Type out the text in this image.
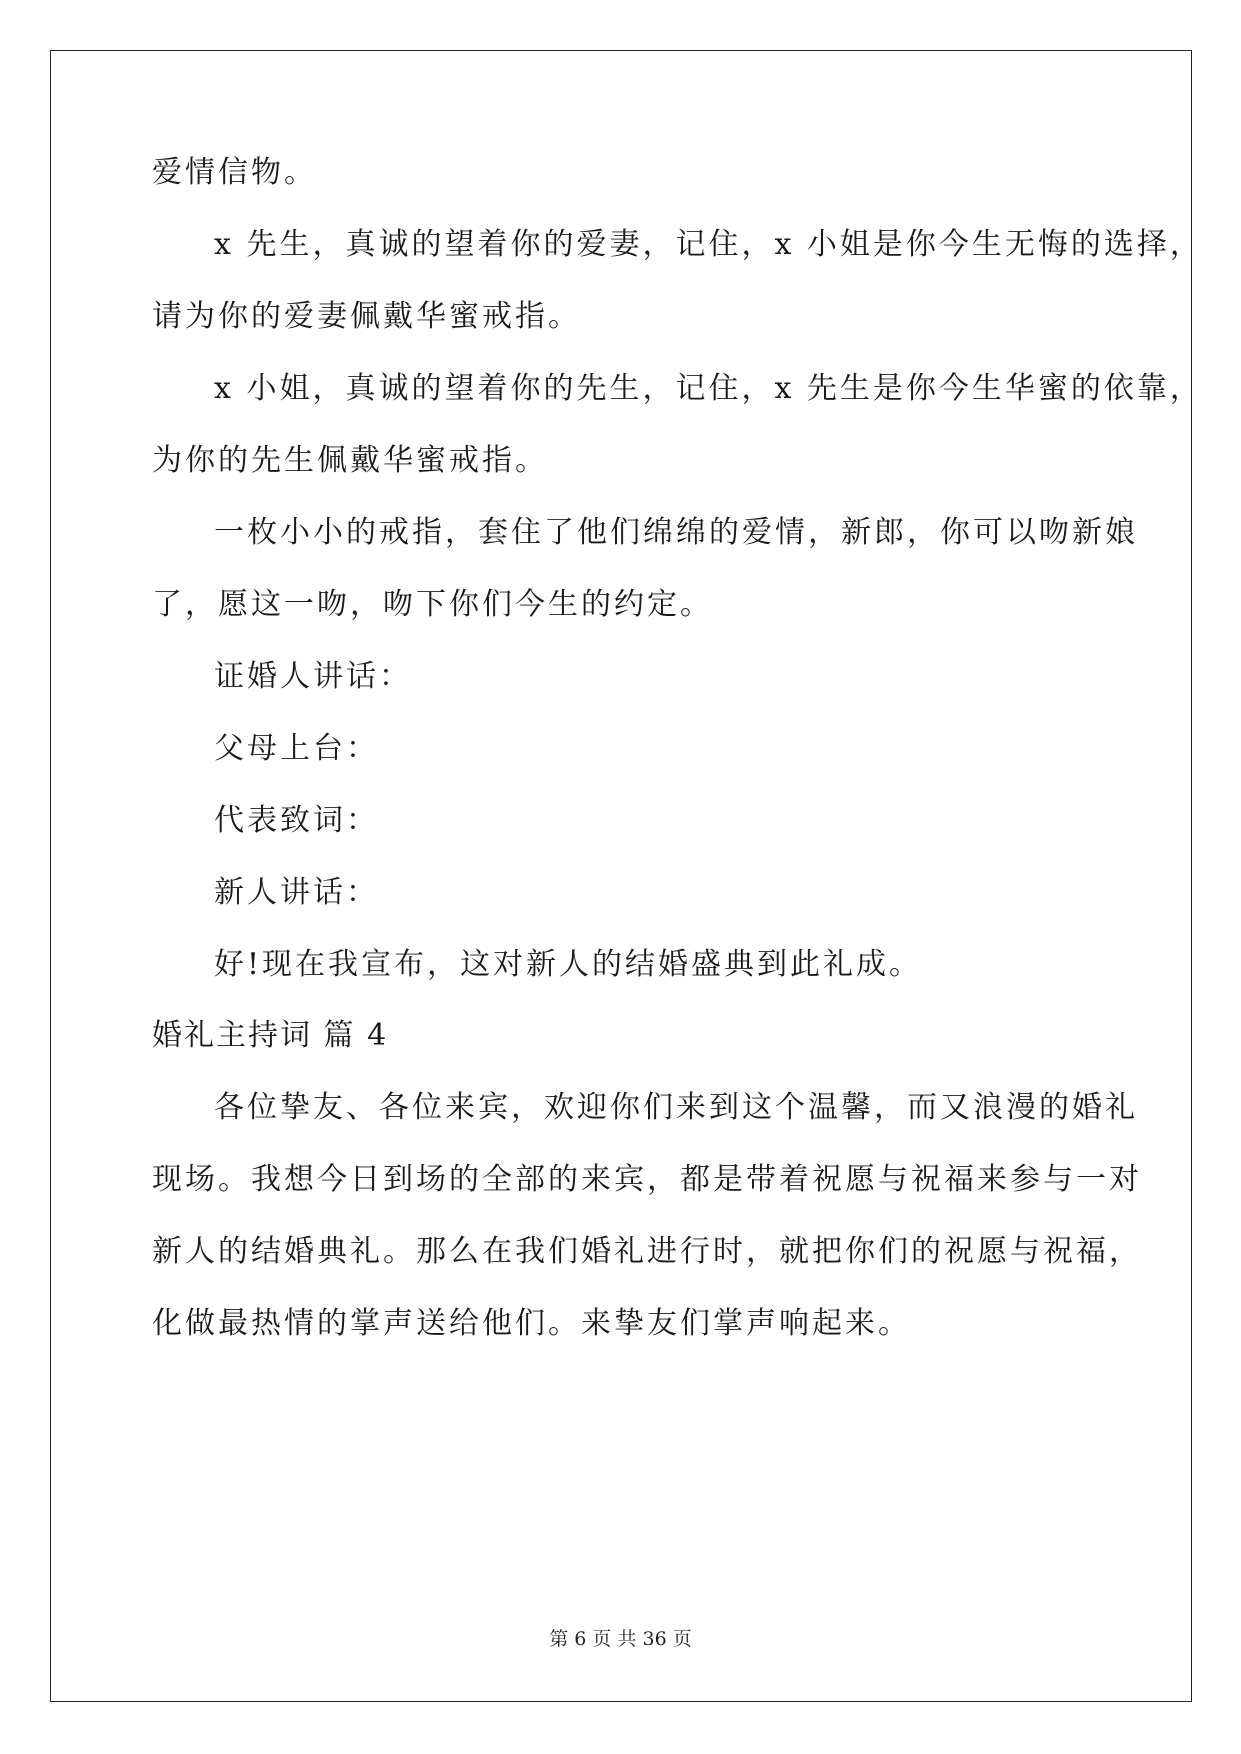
爱情信物。
x 先生，真诚的望着你的爱妻，记住，x 小姐是你今生无悔的选择，
请为你的爱妻佩戴华蜜戒指。
x 小姐，真诚的望着你的先生，记住，x 先生是你今生华蜜的依靠，
为你的先生佩戴华蜜戒指。
一枚小小的戒指，套住了他们绵绵的爱情，新郎，你可以吻新娘
了，愿这一吻，吻下你们今生的约定。
证婚人讲话：
父母上台：
代表致词：
新人讲话：
好!现在我宣布，这对新人的结婚盛典到此礼成。
婚礼主持词 篇 4
各位挚友、各位来宾，欢迎你们来到这个温馨，而又浪漫的婚礼
现场。我想今日到场的全部的来宾，都是带着祝愿与祝福来参与一对
新人的结婚典礼。那么在我们婚礼进行时，就把你们的祝愿与祝福，
化做最热情的掌声送给他们。来挚友们掌声响起来。
第 6 页 共 36 页
